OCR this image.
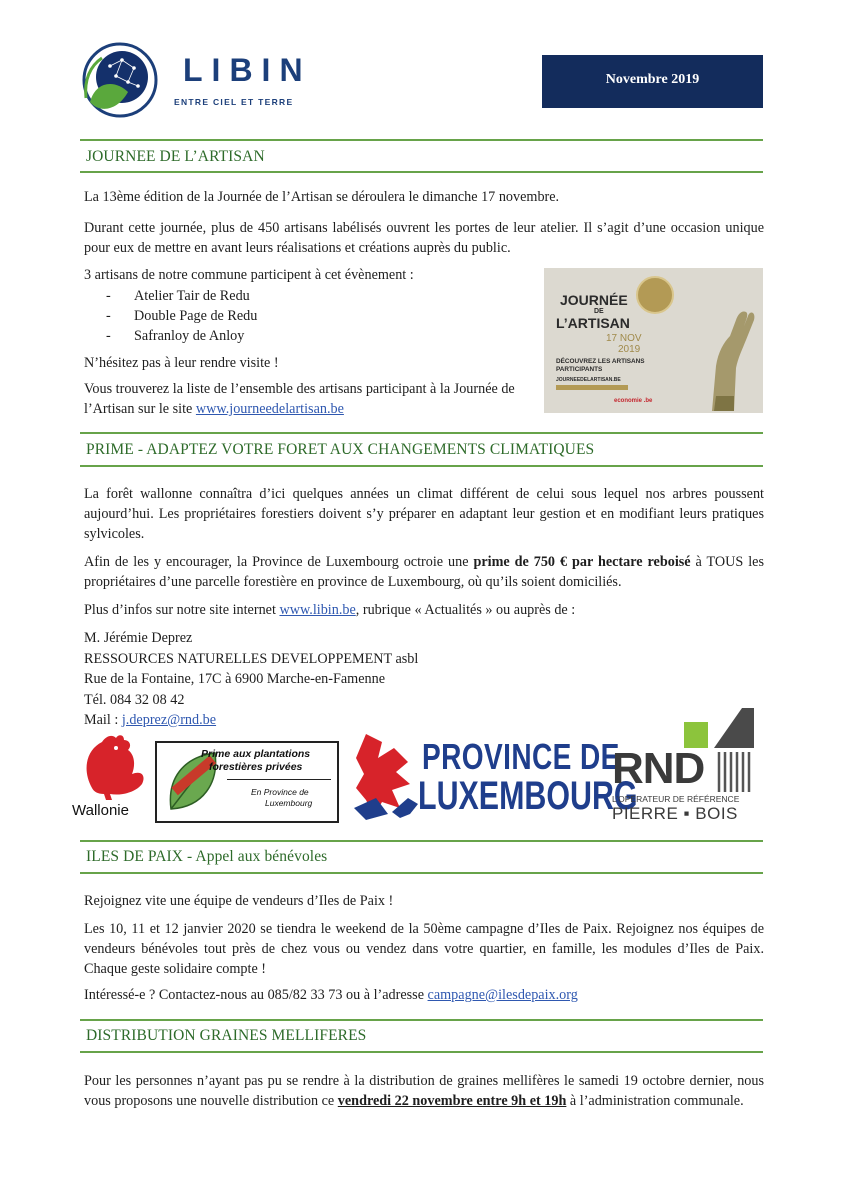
LIBIN
ENTRE CIEL ET TERRE
Novembre 2019
JOURNEE DE L’ARTISAN

La 13ème édition de la Journée de l’Artisan se déroulera le dimanche 17 novembre.

Durant cette journée, plus de 450 artisans labélisés ouvrent les portes de leur atelier. Il s’agit d’une occasion unique pour eux de mettre en avant leurs réalisations et créations auprès du public.

3 artisans de notre commune participent à cet évènement :

- Atelier Tair de Redu
- Double Page de Redu
- Safranloy de Anloy

N’hésitez pas à leur rendre visite !

Vous trouverez la liste de l’ensemble des artisans participant à la Journée de l’Artisan sur le site www.journeedelartisan.be

JOURNÉE
DE
L’ARTISAN
17 NOV
2019
DÉCOUVREZ LES ARTISANS
PARTICIPANTS
JOURNEEDELARTISAN.BE
economie .be
PRIME - ADAPTEZ VOTRE FORET AUX CHANGEMENTS CLIMATIQUES

La forêt wallonne connaîtra d’ici quelques années un climat différent de celui sous lequel nos arbres poussent aujourd’hui. Les propriétaires forestiers doivent s’y préparer en adaptant leur gestion et en modifiant leurs pratiques sylvicoles.

Afin de les y encourager, la Province de Luxembourg octroie une prime de 750 € par hectare reboisé à TOUS les propriétaires d’une parcelle forestière en province de Luxembourg, où qu’ils soient domiciliés.

Plus d’infos sur notre site internet www.libin.be, rubrique « Actualités » ou auprès de :

M. Jérémie Deprez
RESSOURCES NATURELLES DEVELOPPEMENT asbl
Rue de la Fontaine, 17C à 6900 Marche-en-Famenne
Tél. 084 32 08 42
Mail : j.deprez@rnd.be
Wallonie
Prime aux plantations
forestières privées
En Province de
Luxembourg
PROVINCE DE
LUXEMBOURG
RND
L’OPÉRATEUR DE RÉFÉRENCE
PIERRE ▪ BOIS
ILES DE PAIX - Appel aux bénévoles

Rejoignez vite une équipe de vendeurs d’Iles de Paix !

Les 10, 11 et 12 janvier 2020 se tiendra le weekend de la 50ème campagne d’Iles de Paix. Rejoignez nos équipes de vendeurs bénévoles tout près de chez vous ou vendez dans votre quartier, en famille, les modules d’Iles de Paix. Chaque geste solidaire compte !

Intéressé-e ? Contactez-nous au 085/82 33 73 ou à l’adresse campagne@ilesdepaix.org

DISTRIBUTION GRAINES MELLIFERES

Pour les personnes n’ayant pas pu se rendre à la distribution de graines mellifères le samedi 19 octobre dernier, nous vous proposons une nouvelle distribution ce vendredi 22 novembre entre 9h et 19h à l’administration communale.
